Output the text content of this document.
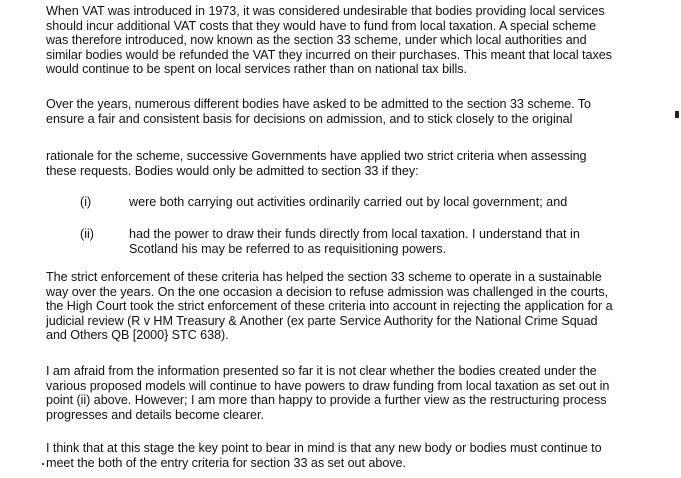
When VAT was introduced in 1973, it was considered undesirable that bodies providing local services
should incur additional VAT costs that they would have to fund from local taxation. A special scheme
was therefore introduced, now known as the section 33 scheme, under which local authorities and
similar bodies would be refunded the VAT they incurred on their purchases. This meant that local taxes
would continue to be spent on local services rather than on national tax bills.
Over the years, numerous different bodies have asked to be admitted to the section 33 scheme. To
ensure a fair and consistent basis for decisions on admission, and to stick closely to the original
rationale for the scheme, successive Governments have applied two strict criteria when assessing
these requests. Bodies would only be admitted to section 33 if they:
(i)	were both carrying out activities ordinarily carried out by local government; and
(ii)	had the power to draw their funds directly from local taxation. I understand that in
Scotland his may be referred to as requisitioning powers.
The strict enforcement of these criteria has helped the section 33 scheme to operate in a sustainable
way over the years. On the one occasion a decision to refuse admission was challenged in the courts,
the High Court took the strict enforcement of these criteria into account in rejecting the application for a
judicial review (R v HM Treasury & Another (ex parte Service Authority for the National Crime Squad
and Others QB [2000} STC 638).
I am afraid from the information presented so far it is not clear whether the bodies created under the
various proposed models will continue to have powers to draw funding from local taxation as set out in
point (ii) above. However; I am more than happy to provide a further view as the restructuring process
progresses and details become clearer.
I think that at this stage the key point to bear in mind is that any new body or bodies must continue to
meet the both of the entry criteria for section 33 as set out above.
